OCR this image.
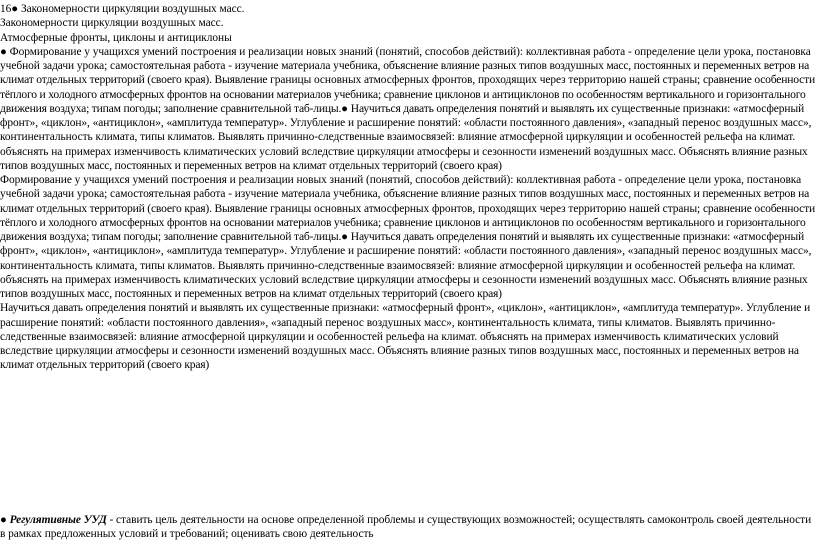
16● Закономерности циркуляции воздушных масс.

Закономерности циркуляции воздушных масс.

Атмосферные фронты, циклоны и антициклоны

● Формирование у учащихся умений построения и реализации новых знаний (понятий, способов действий): коллективная работа - определение цели урока, постановка учебной задачи урока; самостоятельная работа - изучение материала учебника, объяснение влияние разных типов воздушных масс, постоянных и переменных ветров на климат отдельных территорий (своего края). Выявление границы основных атмосферных фронтов, проходящих через территорию нашей страны; сравнение особенности тёплого и холодного атмосферных фронтов на основании материалов учебника; сравнение циклонов и антициклонов по особенностям вертикального и горизонтального движения воздуха; типам погоды; заполнение сравнительной таб-лицы.● Научиться давать определения понятий и выявлять их существенные признаки: «атмосферный фронт», «циклон», «антициклон», «амплитуда температур». Углубление и расширение понятий: «области постоянного давления», «западный перенос воздушных масс», континентальность климата, типы климатов. Выявлять причинно-следственные взаимосвязей: влияние атмосферной циркуляции и особенностей рельефа на климат. объяснять на примерах изменчивость климатических условий вследствие циркуляции атмосферы и сезонности изменений воздушных масс. Объяснять влияние разных типов воздушных масс, постоянных и переменных ветров на климат отдельных территорий (своего края)

Формирование у учащихся умений построения и реализации новых знаний (понятий, способов действий): коллективная работа - определение цели урока, постановка учебной задачи урока; самостоятельная работа - изучение материала учебника, объяснение влияние разных типов воздушных масс, постоянных и переменных ветров на климат отдельных территорий (своего края). Выявление границы основных атмосферных фронтов, проходящих через территорию нашей страны; сравнение особенности тёплого и холодного атмосферных фронтов на основании материалов учебника; сравнение циклонов и антициклонов по особенностям вертикального и горизонтального движения воздуха; типам погоды; заполнение сравнительной таб-лицы.● Научиться давать определения понятий и выявлять их существенные признаки: «атмосферный фронт», «циклон», «антициклон», «амплитуда температур». Углубление и расширение понятий: «области постоянного давления», «западный перенос воздушных масс», континентальность климата, типы климатов. Выявлять причинно-следственные взаимосвязей: влияние атмосферной циркуляции и особенностей рельефа на климат. объяснять на примерах изменчивость климатических условий вследствие циркуляции атмосферы и сезонности изменений воздушных масс. Объяснять влияние разных типов воздушных масс, постоянных и переменных ветров на климат отдельных территорий (своего края)

Научиться давать определения понятий и выявлять их существенные признаки: «атмосферный фронт», «циклон», «антициклон», «амплитуда температур». Углубление и расширение понятий: «области постоянного давления», «западный перенос воздушных масс», континентальность климата, типы климатов. Выявлять причинно-следственные взаимосвязей: влияние атмосферной циркуляции и особенностей рельефа на климат. объяснять на примерах изменчивость климатических условий вследствие циркуляции атмосферы и сезонности изменений воздушных масс. Объяснять влияние разных типов воздушных масс, постоянных и переменных ветров на климат отдельных территорий (своего края)

● Регулятивные УУД - ставить цель деятельности на основе определенной проблемы и существующих возможностей; осуществлять самоконтроль своей деятельности в рамках предложенных условий и требований; оценивать свою деятельность
